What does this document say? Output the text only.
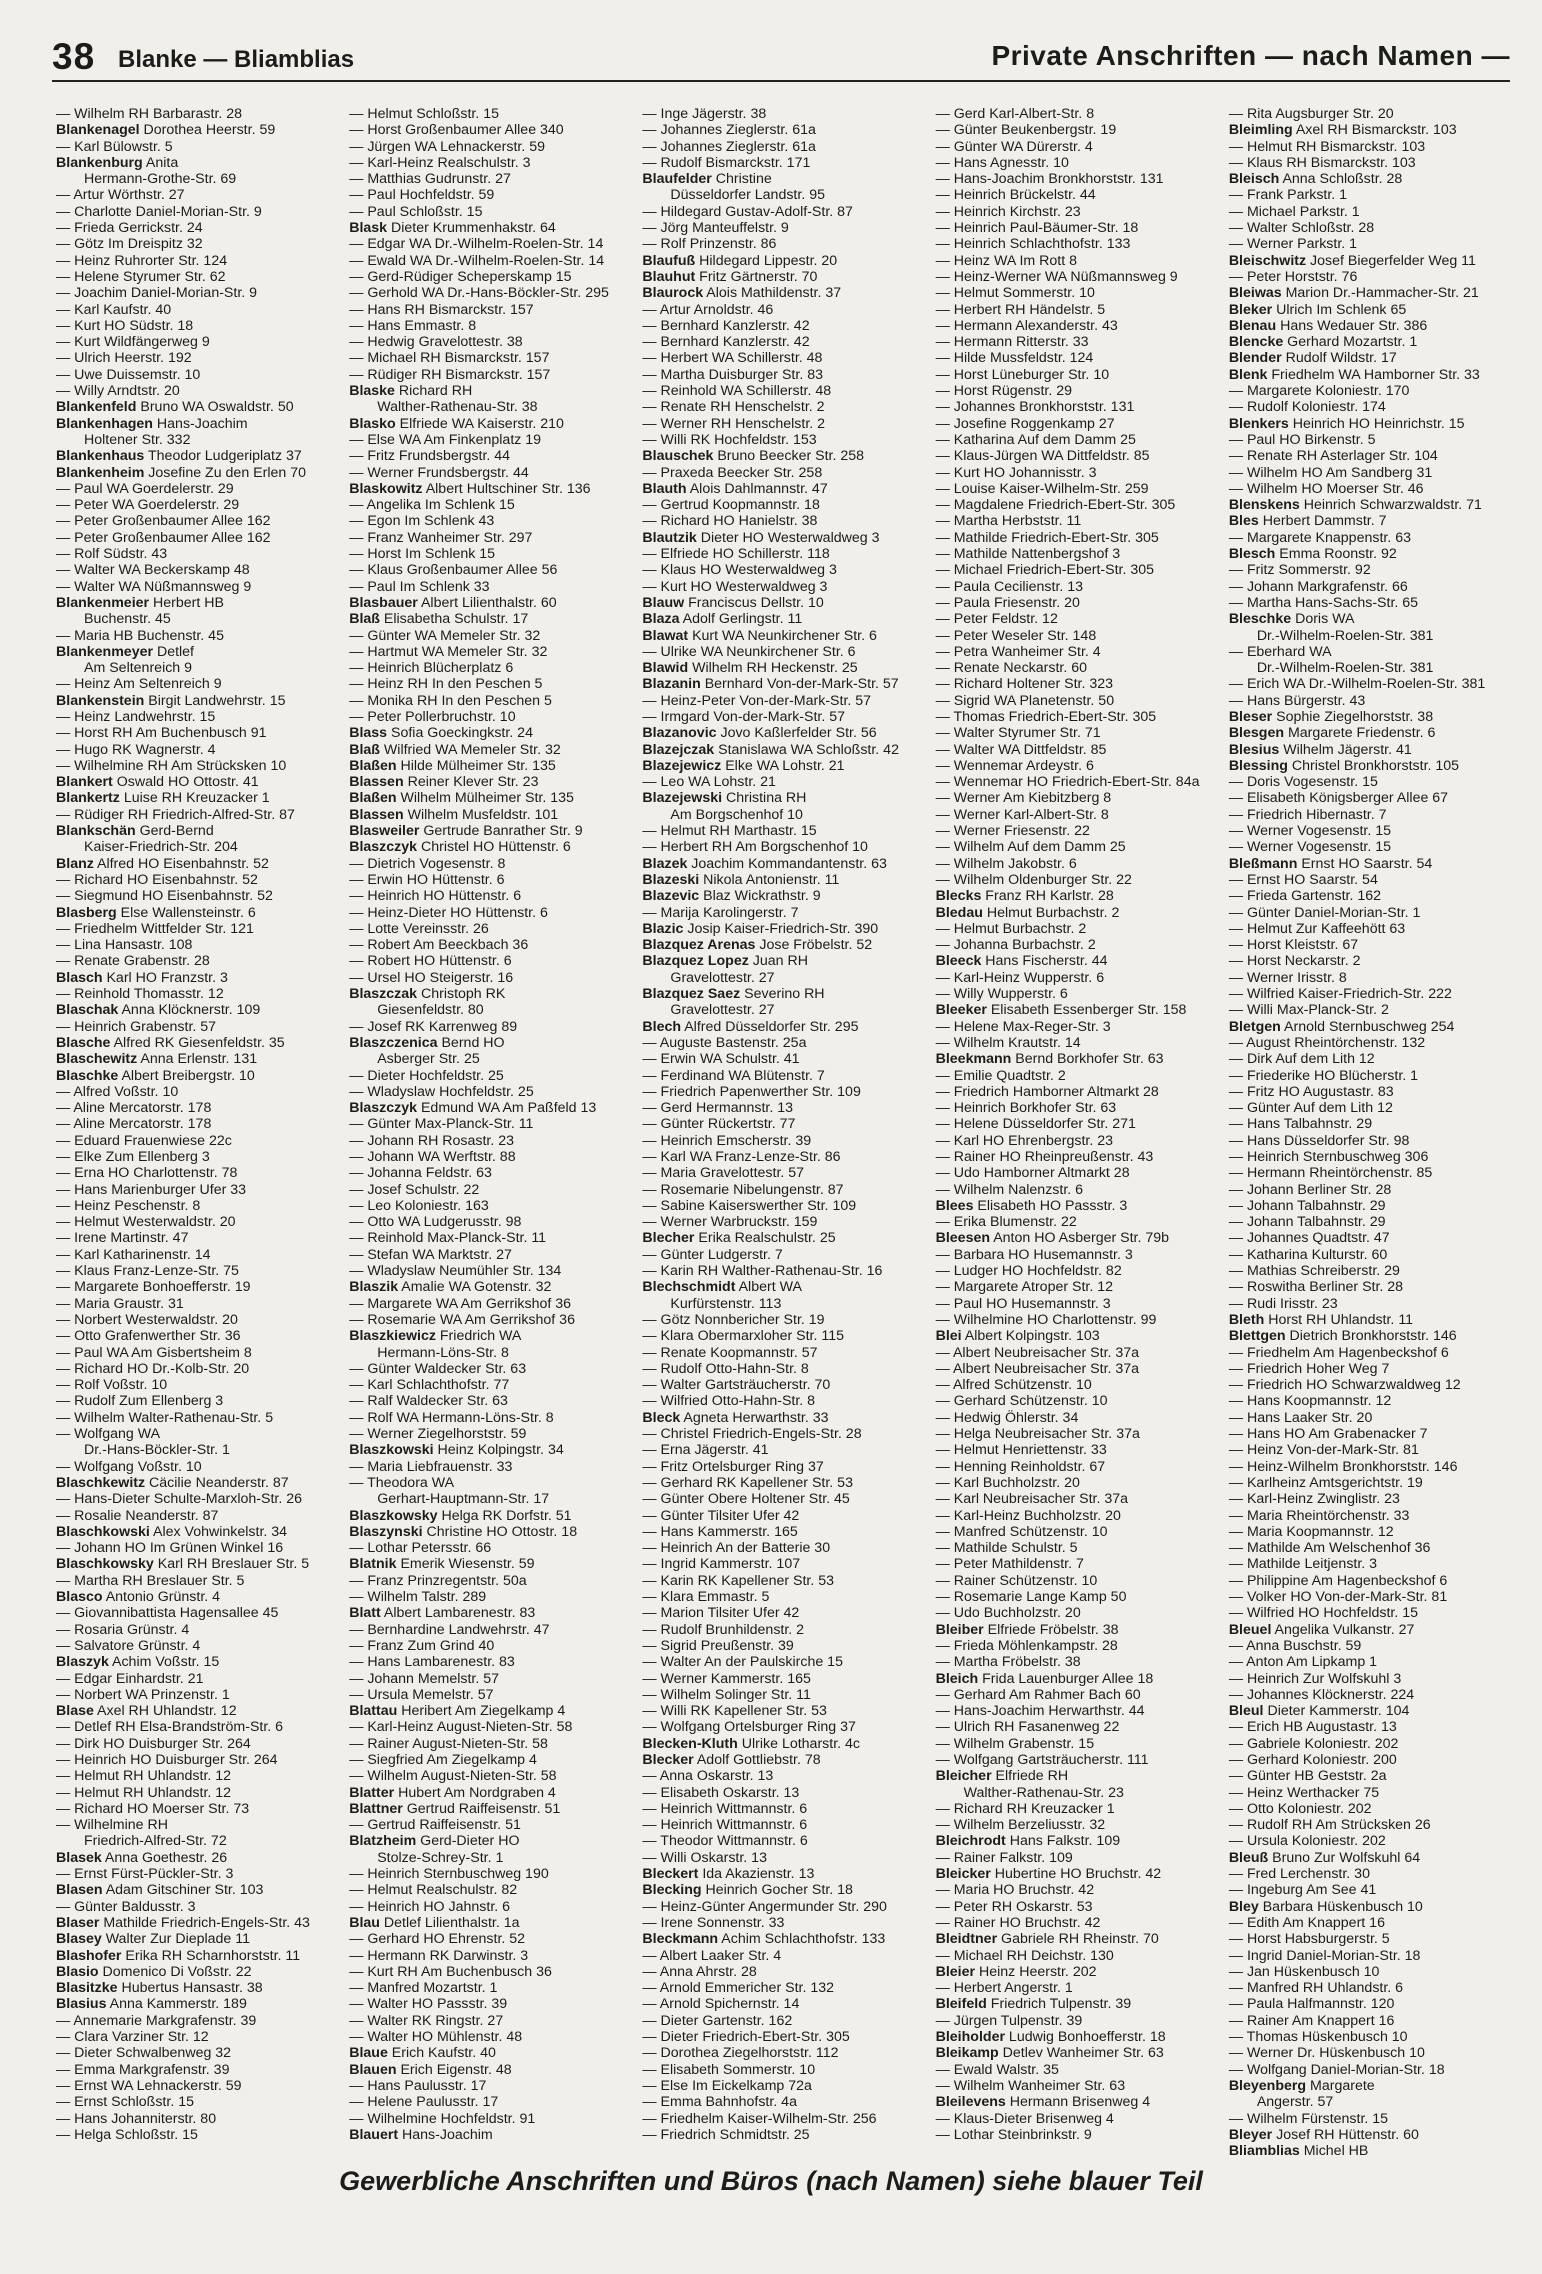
38 Blanke — Bliamblias	Private Anschriften — nach Namen —
— Wilhelm RH Barbarastr. 28
Blankenagel Dorothea Heerstr. 59
— Karl Bülowstr. 5
Blankenburg Anita
Hermann-Grothe-Str. 69
— Artur Wörthstr. 27
— Charlotte Daniel-Morian-Str. 9
— Frieda Gerrickstr. 24
— Götz Im Dreispitz 32
— Heinz Ruhrorter Str. 124
— Helene Styrumer Str. 62
— Joachim Daniel-Morian-Str. 9
— Karl Kaufstr. 40
— Kurt HO Südstr. 18
— Kurt Wildfängerweg 9
— Ulrich Heerstr. 192
— Uwe Duissemstr. 10
— Willy Arndtstr. 20
Blankenfeld Bruno WA Oswaldstr. 50
Blankenhagen Hans-Joachim
Holtener Str. 332
Blankenhaus Theodor Ludgeriplatz 37
Blankenheim Josefine Zu den Erlen 70
— Paul WA Goerdelerstr. 29
— Peter WA Goerdelerstr. 29
— Peter Großenbaumer Allee 162
— Peter Großenbaumer Allee 162
— Rolf Südstr. 43
— Walter WA Beckerskamp 48
— Walter WA Nüßmannsweg 9
Blankenmeier Herbert HB
Buchenstr. 45
— Maria HB Buchenstr. 45
Blankenmeyer Detlef
Am Seltenreich 9
— Heinz Am Seltenreich 9
Blankenstein Birgit Landwehrstr. 15
— Heinz Landwehrstr. 15
— Horst RH Am Buchenbusch 91
— Hugo RK Wagnerstr. 4
— Wilhelmine RH Am Strücksken 10
Blankert Oswald HO Ottostr. 41
Blankertz Luise RH Kreuzacker 1
— Rüdiger RH Friedrich-Alfred-Str. 87
Blankschän Gerd-Bernd
Kaiser-Friedrich-Str. 204
Blanz Alfred HO Eisenbahnstr. 52
— Richard HO Eisenbahnstr. 52
— Siegmund HO Eisenbahnstr. 52
Blasberg Else Wallensteinstr. 6
— Friedhelm Wittfelder Str. 121
— Lina Hansastr. 108
— Renate Grabenstr. 28
Blasch Karl HO Franzstr. 3
— Reinhold Thomasstr. 12
Blaschak Anna Klöcknerstr. 109
— Heinrich Grabenstr. 57
Blasche Alfred RK Giesenfeldstr. 35
Blaschewitz Anna Erlenstr. 131
Blaschke Albert Breibergstr. 10
— Alfred Voßstr. 10
— Aline Mercatorstr. 178
— Aline Mercatorstr. 178
— Eduard Frauenwiese 22c
— Elke Zum Ellenberg 3
— Erna HO Charlottenstr. 78
— Hans Marienburger Ufer 33
— Heinz Peschenstr. 8
— Helmut Westerwaldstr. 20
— Irene Martinstr. 47
— Karl Katharinenstr. 14
— Klaus Franz-Lenze-Str. 75
— Margarete Bonhoefferstr. 19
— Maria Graustr. 31
— Norbert Westerwaldstr. 20
— Otto Grafenwerther Str. 36
— Paul WA Am Gisbertsheim 8
— Richard HO Dr.-Kolb-Str. 20
— Rolf Voßstr. 10
— Rudolf Zum Ellenberg 3
— Wilhelm Walter-Rathenau-Str. 5
— Wolfgang WA
Dr.-Hans-Böckler-Str. 1
— Wolfgang Voßstr. 10
Blaschkewitz Cäcilie Neanderstr. 87
— Hans-Dieter Schulte-Marxloh-Str. 26
— Rosalie Neanderstr. 87
Blaschkowski Alex Vohwinkelstr. 34
— Johann HO Im Grünen Winkel 16
Blaschkowsky Karl RH Breslauer Str. 5
— Martha RH Breslauer Str. 5
Blasco Antonio Grünstr. 4
— Giovannibattista Hagensallee 45
— Rosaria Grünstr. 4
— Salvatore Grünstr. 4
Blaszyk Achim Voßstr. 15
— Edgar Einhardstr. 21
— Norbert WA Prinzenstr. 1
Blase Axel RH Uhlandstr. 12
— Detlef RH Elsa-Brandström-Str. 6
— Dirk HO Duisburger Str. 264
— Heinrich HO Duisburger Str. 264
— Helmut RH Uhlandstr. 12
— Helmut RH Uhlandstr. 12
— Richard HO Moerser Str. 73
— Wilhelmine RH
Friedrich-Alfred-Str. 72
Blasek Anna Goethestr. 26
— Ernst Fürst-Pückler-Str. 3
Blasen Adam Gitschiner Str. 103
— Günter Baldusstr. 3
Blaser Mathilde Friedrich-Engels-Str. 43
Blasey Walter Zur Dieplade 11
Blashofer Erika RH Scharnhorststr. 11
Blasio Domenico Di Voßstr. 22
Blasitzke Hubertus Hansastr. 38
Blasius Anna Kammerstr. 189
— Annemarie Markgrafenstr. 39
— Clara Varziner Str. 12
— Dieter Schwalbenweg 32
— Emma Markgrafenstr. 39
— Ernst WA Lehnackerstr. 59
— Ernst Schloßstr. 15
— Hans Johanniterstr. 80
— Helga Schloßstr. 15
— Helmut Schloßstr. 15
— Horst Großenbaumer Allee 340
— Jürgen WA Lehnackerstr. 59
— Karl-Heinz Realschulstr. 3
— Matthias Gudrunstr. 27
— Paul Hochfeldstr. 59
— Paul Schloßstr. 15
Blask Dieter Krummenhakstr. 64
— Edgar WA Dr.-Wilhelm-Roelen-Str. 14
— Ewald WA Dr.-Wilhelm-Roelen-Str. 14
— Gerd-Rüdiger Scheperskamp 15
— Gerhold WA Dr.-Hans-Böckler-Str. 295
— Hans RH Bismarckstr. 157
— Hans Emmastr. 8
— Hedwig Gravelottestr. 38
— Michael RH Bismarckstr. 157
— Rüdiger RH Bismarckstr. 157
Blaske Richard RH
Walther-Rathenau-Str. 38
Blasko Elfriede WA Kaiserstr. 210
— Else WA Am Finkenplatz 19
— Fritz Frundsbergstr. 44
— Werner Frundsbergstr. 44
Blaskowitz Albert Hultschiner Str. 136
— Angelika Im Schlenk 15
— Egon Im Schlenk 43
— Franz Wanheimer Str. 297
— Horst Im Schlenk 15
— Klaus Großenbaumer Allee 56
— Paul Im Schlenk 33
Blasbauer Albert Lilienthalstr. 60
Blaß Elisabetha Schulstr. 17
— Günter WA Memeler Str. 32
— Hartmut WA Memeler Str. 32
— Heinrich Blücherplatz 6
— Heinz RH In den Peschen 5
— Monika RH In den Peschen 5
— Peter Pollerbruchstr. 10
Blass Sofia Goeckingkstr. 24
Blaß Wilfried WA Memeler Str. 32
Blaßen Hilde Mülheimer Str. 135
Blassen Reiner Klever Str. 23
Blaßen Wilhelm Mülheimer Str. 135
Blassen Wilhelm Musfeldstr. 101
Blasweiler Gertrude Banrather Str. 9
Blaszczyk Christel HO Hüttenstr. 6
— Dietrich Vogesenstr. 8
— Erwin HO Hüttenstr. 6
— Heinrich HO Hüttenstr. 6
— Heinz-Dieter HO Hüttenstr. 6
— Lotte Vereinsstr. 26
— Robert Am Beeckbach 36
— Robert HO Hüttenstr. 6
— Ursel HO Steigerstr. 16
Blaszczak Christoph RK
Giesenfeldstr. 80
— Josef RK Karrenweg 89
Blaszczenica Bernd HO
Asberger Str. 25
— Dieter Hochfeldstr. 25
— Wladyslaw Hochfeldstr. 25
Blaszczyk Edmund WA Am Paßfeld 13
— Günter Max-Planck-Str. 11
— Johann RH Rosastr. 23
— Johann WA Werftstr. 88
— Johanna Feldstr. 63
— Josef Schulstr. 22
— Leo Koloniestr. 163
— Otto WA Ludgerusstr. 98
— Reinhold Max-Planck-Str. 11
— Stefan WA Marktstr. 27
— Wladyslaw Neumühler Str. 134
Blaszik Amalie WA Gotenstr. 32
— Margarete WA Am Gerrikshof 36
— Rosemarie WA Am Gerrikshof 36
Blaszkiewicz Friedrich WA
Hermann-Löns-Str. 8
— Günter Waldecker Str. 63
— Karl Schlachthofstr. 77
— Ralf Waldecker Str. 63
— Rolf WA Hermann-Löns-Str. 8
— Werner Ziegelhorststr. 59
Blaszkowski Heinz Kolpingstr. 34
— Maria Liebfrauenstr. 33
— Theodora WA
Gerhart-Hauptmann-Str. 17
Blaszkowsky Helga RK Dorfstr. 51
Blaszynski Christine HO Ottostr. 18
— Lothar Petersstr. 66
Blatnik Emerik Wiesenstr. 59
— Franz Prinzregentstr. 50a
— Wilhelm Talstr. 289
Blatt Albert Lambarenestr. 83
— Bernhardine Landwehrstr. 47
— Franz Zum Grind 40
— Hans Lambarenestr. 83
— Johann Memelstr. 57
— Ursula Memelstr. 57
Blattau Heribert Am Ziegelkamp 4
— Karl-Heinz August-Nieten-Str. 58
— Rainer August-Nieten-Str. 58
— Siegfried Am Ziegelkamp 4
— Wilhelm August-Nieten-Str. 58
Blatter Hubert Am Nordgraben 4
Blattner Gertrud Raiffeisenstr. 51
— Gertrud Raiffeisenstr. 51
Blatzheim Gerd-Dieter HO
Stolze-Schrey-Str. 1
— Heinrich Sternbuschweg 190
— Helmut Realschulstr. 82
— Heinrich HO Jahnstr. 6
Blau Detlef Lilienthalstr. 1a
— Gerhard HO Ehrenstr. 52
— Hermann RK Darwinstr. 3
— Kurt RH Am Buchenbusch 36
— Manfred Mozartstr. 1
— Walter HO Passstr. 39
— Walter RK Ringstr. 27
— Walter HO Mühlenstr. 48
Blaue Erich Kaufstr. 40
Blauen Erich Eigenstr. 48
— Hans Paulusstr. 17
— Helene Paulusstr. 17
— Wilhelmine Hochfeldstr. 91
Blauert Hans-Joachim
— Inge Jägerstr. 38
— Johannes Zieglerstr. 61a
— Johannes Zieglerstr. 61a
— Rudolf Bismarckstr. 171
Blaufelder Christine
Düsseldorfer Landstr. 95
— Hildegard Gustav-Adolf-Str. 87
— Jörg Manteuffelstr. 9
— Rolf Prinzenstr. 86
Blaufuß Hildegard Lippestr. 20
Blauhut Fritz Gärtnerstr. 70
Blaurock Alois Mathildenstr. 37
— Artur Arnoldstr. 46
— Bernhard Kanzlerstr. 42
— Bernhard Kanzlerstr. 42
— Herbert WA Schillerstr. 48
— Martha Duisburger Str. 83
— Reinhold WA Schillerstr. 48
— Renate RH Henschelstr. 2
— Werner RH Henschelstr. 2
— Willi RK Hochfeldstr. 153
Blauschek Bruno Beecker Str. 258
— Praxeda Beecker Str. 258
Blauth Alois Dahlmannstr. 47
— Gertrud Koopmannstr. 18
— Richard HO Hanielstr. 38
Blautzik Dieter HO Westerwaldweg 3
— Elfriede HO Schillerstr. 118
— Klaus HO Westerwaldweg 3
— Kurt HO Westerwaldweg 3
Blauw Franciscus Dellstr. 10
Blaza Adolf Gerlingstr. 11
Blawat Kurt WA Neunkirchener Str. 6
— Ulrike WA Neunkirchener Str. 6
Blawid Wilhelm RH Heckenstr. 25
Blazanin Bernhard Von-der-Mark-Str. 57
— Heinz-Peter Von-der-Mark-Str. 57
— Irmgard Von-der-Mark-Str. 57
Blazanovic Jovo Kaßlerfelder Str. 56
Blazejczak Stanislawa WA Schloßstr. 42
Blazejewicz Elke WA Lohstr. 21
— Leo WA Lohstr. 21
Blazejewski Christina RH
Am Borgschenhof 10
— Helmut RH Marthastr. 15
— Herbert RH Am Borgschenhof 10
Blazek Joachim Kommandantenstr. 63
Blazeski Nikola Antonienstr. 11
Blazevic Blaz Wickrathstr. 9
— Marija Karolingerstr. 7
Blazic Josip Kaiser-Friedrich-Str. 390
Blazquez Arenas Jose Fröbelstr. 52
Blazquez Lopez Juan RH
Gravelottestr. 27
Blazquez Saez Severino RH
Gravelottestr. 27
Blech Alfred Düsseldorfer Str. 295
— Auguste Bastenstr. 25a
— Erwin WA Schulstr. 41
— Ferdinand WA Blütenstr. 7
— Friedrich Papenwerther Str. 109
— Gerd Hermannstr. 13
— Günter Rückertstr. 77
— Heinrich Emscherstr. 39
— Karl WA Franz-Lenze-Str. 86
— Maria Gravelottestr. 57
— Rosemarie Nibelungenstr. 87
— Sabine Kaiserswerther Str. 109
— Werner Warbruckstr. 159
Blecher Erika Realschulstr. 25
— Günter Ludgerstr. 7
— Karin RH Walther-Rathenau-Str. 16
Blechschmidt Albert WA
Kurfürstenstr. 113
— Götz Nonnbericher Str. 19
— Klara Obermarxloher Str. 115
— Renate Koopmannstr. 57
— Rudolf Otto-Hahn-Str. 8
— Walter Gartsträucherstr. 70
— Wilfried Otto-Hahn-Str. 8
Bleck Agneta Herwarthstr. 33
— Christel Friedrich-Engels-Str. 28
— Erna Jägerstr. 41
— Fritz Ortelsburger Ring 37
— Gerhard RK Kapellener Str. 53
— Günter Obere Holtener Str. 45
— Günter Tilsiter Ufer 42
— Hans Kammerstr. 165
— Heinrich An der Batterie 30
— Ingrid Kammerstr. 107
— Karin RK Kapellener Str. 53
— Klara Emmastr. 5
— Marion Tilsiter Ufer 42
— Rudolf Brunhildenstr. 2
— Sigrid Preußenstr. 39
— Walter An der Paulskirche 15
— Werner Kammerstr. 165
— Wilhelm Solinger Str. 11
— Willi RK Kapellener Str. 53
— Wolfgang Ortelsburger Ring 37
Blecken-Kluth Ulrike Lotharstr. 4c
Blecker Adolf Gottliebstr. 78
— Anna Oskarstr. 13
— Elisabeth Oskarstr. 13
— Heinrich Wittmannstr. 6
— Heinrich Wittmannstr. 6
— Theodor Wittmannstr. 6
— Willi Oskarstr. 13
Bleckert Ida Akazienstr. 13
Blecking Heinrich Gocher Str. 18
— Heinz-Günter Angermunder Str. 290
— Irene Sonnenstr. 33
Bleckmann Achim Schlachthofstr. 133
— Albert Laaker Str. 4
— Anna Ahrstr. 28
— Arnold Emmericher Str. 132
— Arnold Spichernstr. 14
— Dieter Gartenstr. 162
— Dieter Friedrich-Ebert-Str. 305
— Dorothea Ziegelhorststr. 112
— Elisabeth Sommerstr. 10
— Else Im Eickelkamp 72a
— Emma Bahnhofstr. 4a
— Friedhelm Kaiser-Wilhelm-Str. 256
— Friedrich Schmidtstr. 25
— Gerd Karl-Albert-Str. 8
— Günter Beukenbergstr. 19
— Günter WA Dürerstr. 4
— Hans Agnesstr. 10
— Hans-Joachim Bronkhorststr. 131
— Heinrich Brückelstr. 44
— Heinrich Kirchstr. 23
— Heinrich Paul-Bäumer-Str. 18
— Heinrich Schlachthofstr. 133
— Heinz WA Im Rott 8
— Heinz-Werner WA Nüßmannsweg 9
— Helmut Sommerstr. 10
— Herbert RH Händelstr. 5
— Hermann Alexanderstr. 43
— Hermann Ritterstr. 33
— Hilde Mussfeldstr. 124
— Horst Lüneburger Str. 10
— Horst Rügenstr. 29
— Johannes Bronkhorststr. 131
— Josefine Roggenkamp 27
— Katharina Auf dem Damm 25
— Klaus-Jürgen WA Dittfeldstr. 85
— Kurt HO Johannisstr. 3
— Louise Kaiser-Wilhelm-Str. 259
— Magdalene Friedrich-Ebert-Str. 305
— Martha Herbststr. 11
— Mathilde Friedrich-Ebert-Str. 305
— Mathilde Nattenbergshof 3
— Michael Friedrich-Ebert-Str. 305
— Paula Cecilienstr. 13
— Paula Friesenstr. 20
— Peter Feldstr. 12
— Peter Weseler Str. 148
— Petra Wanheimer Str. 4
— Renate Neckarstr. 60
— Richard Holtener Str. 323
— Sigrid WA Planetenstr. 50
— Thomas Friedrich-Ebert-Str. 305
— Walter Styrumer Str. 71
— Walter WA Dittfeldstr. 85
— Wennemar Ardeystr. 6
— Wennemar HO Friedrich-Ebert-Str. 84a
— Werner Am Kiebitzberg 8
— Werner Karl-Albert-Str. 8
— Werner Friesenstr. 22
— Wilhelm Auf dem Damm 25
— Wilhelm Jakobstr. 6
— Wilhelm Oldenburger Str. 22
Blecks Franz RH Karlstr. 28
Bledau Helmut Burbachstr. 2
— Helmut Burbachstr. 2
— Johanna Burbachstr. 2
Bleeck Hans Fischerstr. 44
— Karl-Heinz Wupperstr. 6
— Willy Wupperstr. 6
Bleeker Elisabeth Essenberger Str. 158
— Helene Max-Reger-Str. 3
— Wilhelm Krautstr. 14
Bleekmann Bernd Borkhofer Str. 63
— Emilie Quadtstr. 2
— Friedrich Hamborner Altmarkt 28
— Heinrich Borkhofer Str. 63
— Helene Düsseldorfer Str. 271
— Karl HO Ehrenbergstr. 23
— Rainer HO Rheinpreußenstr. 43
— Udo Hamborner Altmarkt 28
— Wilhelm Nalenzstr. 6
Blees Elisabeth HO Passstr. 3
— Erika Blumenstr. 22
Bleesen Anton HO Asberger Str. 79b
— Barbara HO Husemannstr. 3
— Ludger HO Hochfeldstr. 82
— Margarete Atroper Str. 12
— Paul HO Husemannstr. 3
— Wilhelmine HO Charlottenstr. 99
Blei Albert Kolpingstr. 103
— Albert Neubreisacher Str. 37a
— Albert Neubreisacher Str. 37a
— Alfred Schützenstr. 10
— Gerhard Schützenstr. 10
— Hedwig Öhlerstr. 34
— Helga Neubreisacher Str. 37a
— Helmut Henriettenstr. 33
— Henning Reinholdstr. 67
— Karl Buchholzstr. 20
— Karl Neubreisacher Str. 37a
— Karl-Heinz Buchholzstr. 20
— Manfred Schützenstr. 10
— Mathilde Schulstr. 5
— Peter Mathildenstr. 7
— Rainer Schützenstr. 10
— Rosemarie Lange Kamp 50
— Udo Buchholzstr. 20
Bleiber Elfriede Fröbelstr. 38
— Frieda Möhlenkampstr. 28
— Martha Fröbelstr. 38
Bleich Frida Lauenburger Allee 18
— Gerhard Am Rahmer Bach 60
— Hans-Joachim Herwarthstr. 44
— Ulrich RH Fasanenweg 22
— Wilhelm Grabenstr. 15
— Wolfgang Gartsträucherstr. 111
Bleicher Elfriede RH
Walther-Rathenau-Str. 23
— Richard RH Kreuzacker 1
— Wilhelm Berzeliusstr. 32
Bleichrodt Hans Falkstr. 109
— Rainer Falkstr. 109
Bleicker Hubertine HO Bruchstr. 42
— Maria HO Bruchstr. 42
— Peter RH Oskarstr. 53
— Rainer HO Bruchstr. 42
Bleidtner Gabriele RH Rheinstr. 70
— Michael RH Deichstr. 130
Bleier Heinz Heerstr. 202
— Herbert Angerstr. 1
Bleifeld Friedrich Tulpenstr. 39
— Jürgen Tulpenstr. 39
Bleiholder Ludwig Bonhoefferstr. 18
Bleikamp Detlev Wanheimer Str. 63
— Ewald Walstr. 35
— Wilhelm Wanheimer Str. 63
Bleilevens Hermann Brisenweg 4
— Klaus-Dieter Brisenweg 4
— Lothar Steinbrinkstr. 9
— Rita Augsburger Str. 20
Bleimling Axel RH Bismarckstr. 103
— Helmut RH Bismarckstr. 103
— Klaus RH Bismarckstr. 103
Bleisch Anna Schloßstr. 28
— Frank Parkstr. 1
— Michael Parkstr. 1
— Walter Schloßstr. 28
— Werner Parkstr. 1
Bleischwitz Josef Biegerfelder Weg 11
— Peter Horststr. 76
Bleiwas Marion Dr.-Hammacher-Str. 21
Bleker Ulrich Im Schlenk 65
Blenau Hans Wedauer Str. 386
Blencke Gerhard Mozartstr. 1
Blender Rudolf Wildstr. 17
Blenk Friedhelm WA Hamborner Str. 33
— Margarete Koloniestr. 170
— Rudolf Koloniestr. 174
Blenkers Heinrich HO Heinrichstr. 15
— Paul HO Birkenstr. 5
— Renate RH Asterlager Str. 104
— Wilhelm HO Am Sandberg 31
— Wilhelm HO Moerser Str. 46
Blenskens Heinrich Schwarzwaldstr. 71
Bles Herbert Dammstr. 7
— Margarete Knappenstr. 63
Blesch Emma Roonstr. 92
— Fritz Sommerstr. 92
— Johann Markgrafenstr. 66
— Martha Hans-Sachs-Str. 65
Bleschke Doris WA
Dr.-Wilhelm-Roelen-Str. 381
— Eberhard WA
Dr.-Wilhelm-Roelen-Str. 381
— Erich WA Dr.-Wilhelm-Roelen-Str. 381
— Hans Bürgerstr. 43
Bleser Sophie Ziegelhorststr. 38
Blesgen Margarete Friedenstr. 6
Blesius Wilhelm Jägerstr. 41
Blessing Christel Bronkhorststr. 105
— Doris Vogesenstr. 15
— Elisabeth Königsberger Allee 67
— Friedrich Hibernastr. 7
— Werner Vogesenstr. 15
— Werner Vogesenstr. 15
Bleßmann Ernst HO Saarstr. 54
— Ernst HO Saarstr. 54
— Frieda Gartenstr. 162
— Günter Daniel-Morian-Str. 1
— Helmut Zur Kaffeehött 63
— Horst Kleiststr. 67
— Horst Neckarstr. 2
— Werner Irisstr. 8
— Wilfried Kaiser-Friedrich-Str. 222
— Willi Max-Planck-Str. 2
Bletgen Arnold Sternbuschweg 254
— August Rheintörchenstr. 132
— Dirk Auf dem Lith 12
— Friederike HO Blücherstr. 1
— Fritz HO Augustastr. 83
— Günter Auf dem Lith 12
— Hans Talbahnstr. 29
— Hans Düsseldorfer Str. 98
— Heinrich Sternbuschweg 306
— Hermann Rheintörchenstr. 85
— Johann Berliner Str. 28
— Johann Talbahnstr. 29
— Johann Talbahnstr. 29
— Johannes Quadtstr. 47
— Katharina Kulturstr. 60
— Mathias Schreiberstr. 29
— Roswitha Berliner Str. 28
— Rudi Irisstr. 23
Bleth Horst RH Uhlandstr. 11
Blettgen Dietrich Bronkhorststr. 146
— Friedhelm Am Hagenbeckshof 6
— Friedrich Hoher Weg 7
— Friedrich HO Schwarzwaldweg 12
— Hans Koopmannstr. 12
— Hans Laaker Str. 20
— Hans HO Am Grabenacker 7
— Heinz Von-der-Mark-Str. 81
— Heinz-Wilhelm Bronkhorststr. 146
— Karlheinz Amtsgerichtstr. 19
— Karl-Heinz Zwinglistr. 23
— Maria Rheintörchenstr. 33
— Maria Koopmannstr. 12
— Mathilde Am Welschenhof 36
— Mathilde Leitjenstr. 3
— Philippine Am Hagenbeckshof 6
— Volker HO Von-der-Mark-Str. 81
— Wilfried HO Hochfeldstr. 15
Bleuel Angelika Vulkanstr. 27
— Anna Buschstr. 59
— Anton Am Lipkamp 1
— Heinrich Zur Wolfskuhl 3
— Johannes Klöcknerstr. 224
Bleul Dieter Kammerstr. 104
— Erich HB Augustastr. 13
— Gabriele Koloniestr. 202
— Gerhard Koloniestr. 200
— Günter HB Geststr. 2a
— Heinz Werthacker 75
— Otto Koloniestr. 202
— Rudolf RH Am Strücksken 26
— Ursula Koloniestr. 202
Bleuß Bruno Zur Wolfskuhl 64
— Fred Lerchenstr. 30
— Ingeburg Am See 41
Bley Barbara Hüskenbusch 10
— Edith Am Knappert 16
— Horst Habsburgerstr. 5
— Ingrid Daniel-Morian-Str. 18
— Jan Hüskenbusch 10
— Manfred RH Uhlandstr. 6
— Paula Halfmannstr. 120
— Rainer Am Knappert 16
— Thomas Hüskenbusch 10
— Werner Dr. Hüskenbusch 10
— Wolfgang Daniel-Morian-Str. 18
Bleyenberg Margarete
Angerstr. 57
— Wilhelm Fürstenstr. 15
Bleyer Josef RH Hüttenstr. 60
Bliamblias Michel HB
Gewerbliche Anschriften und Büros (nach Namen) siehe blauer Teil
